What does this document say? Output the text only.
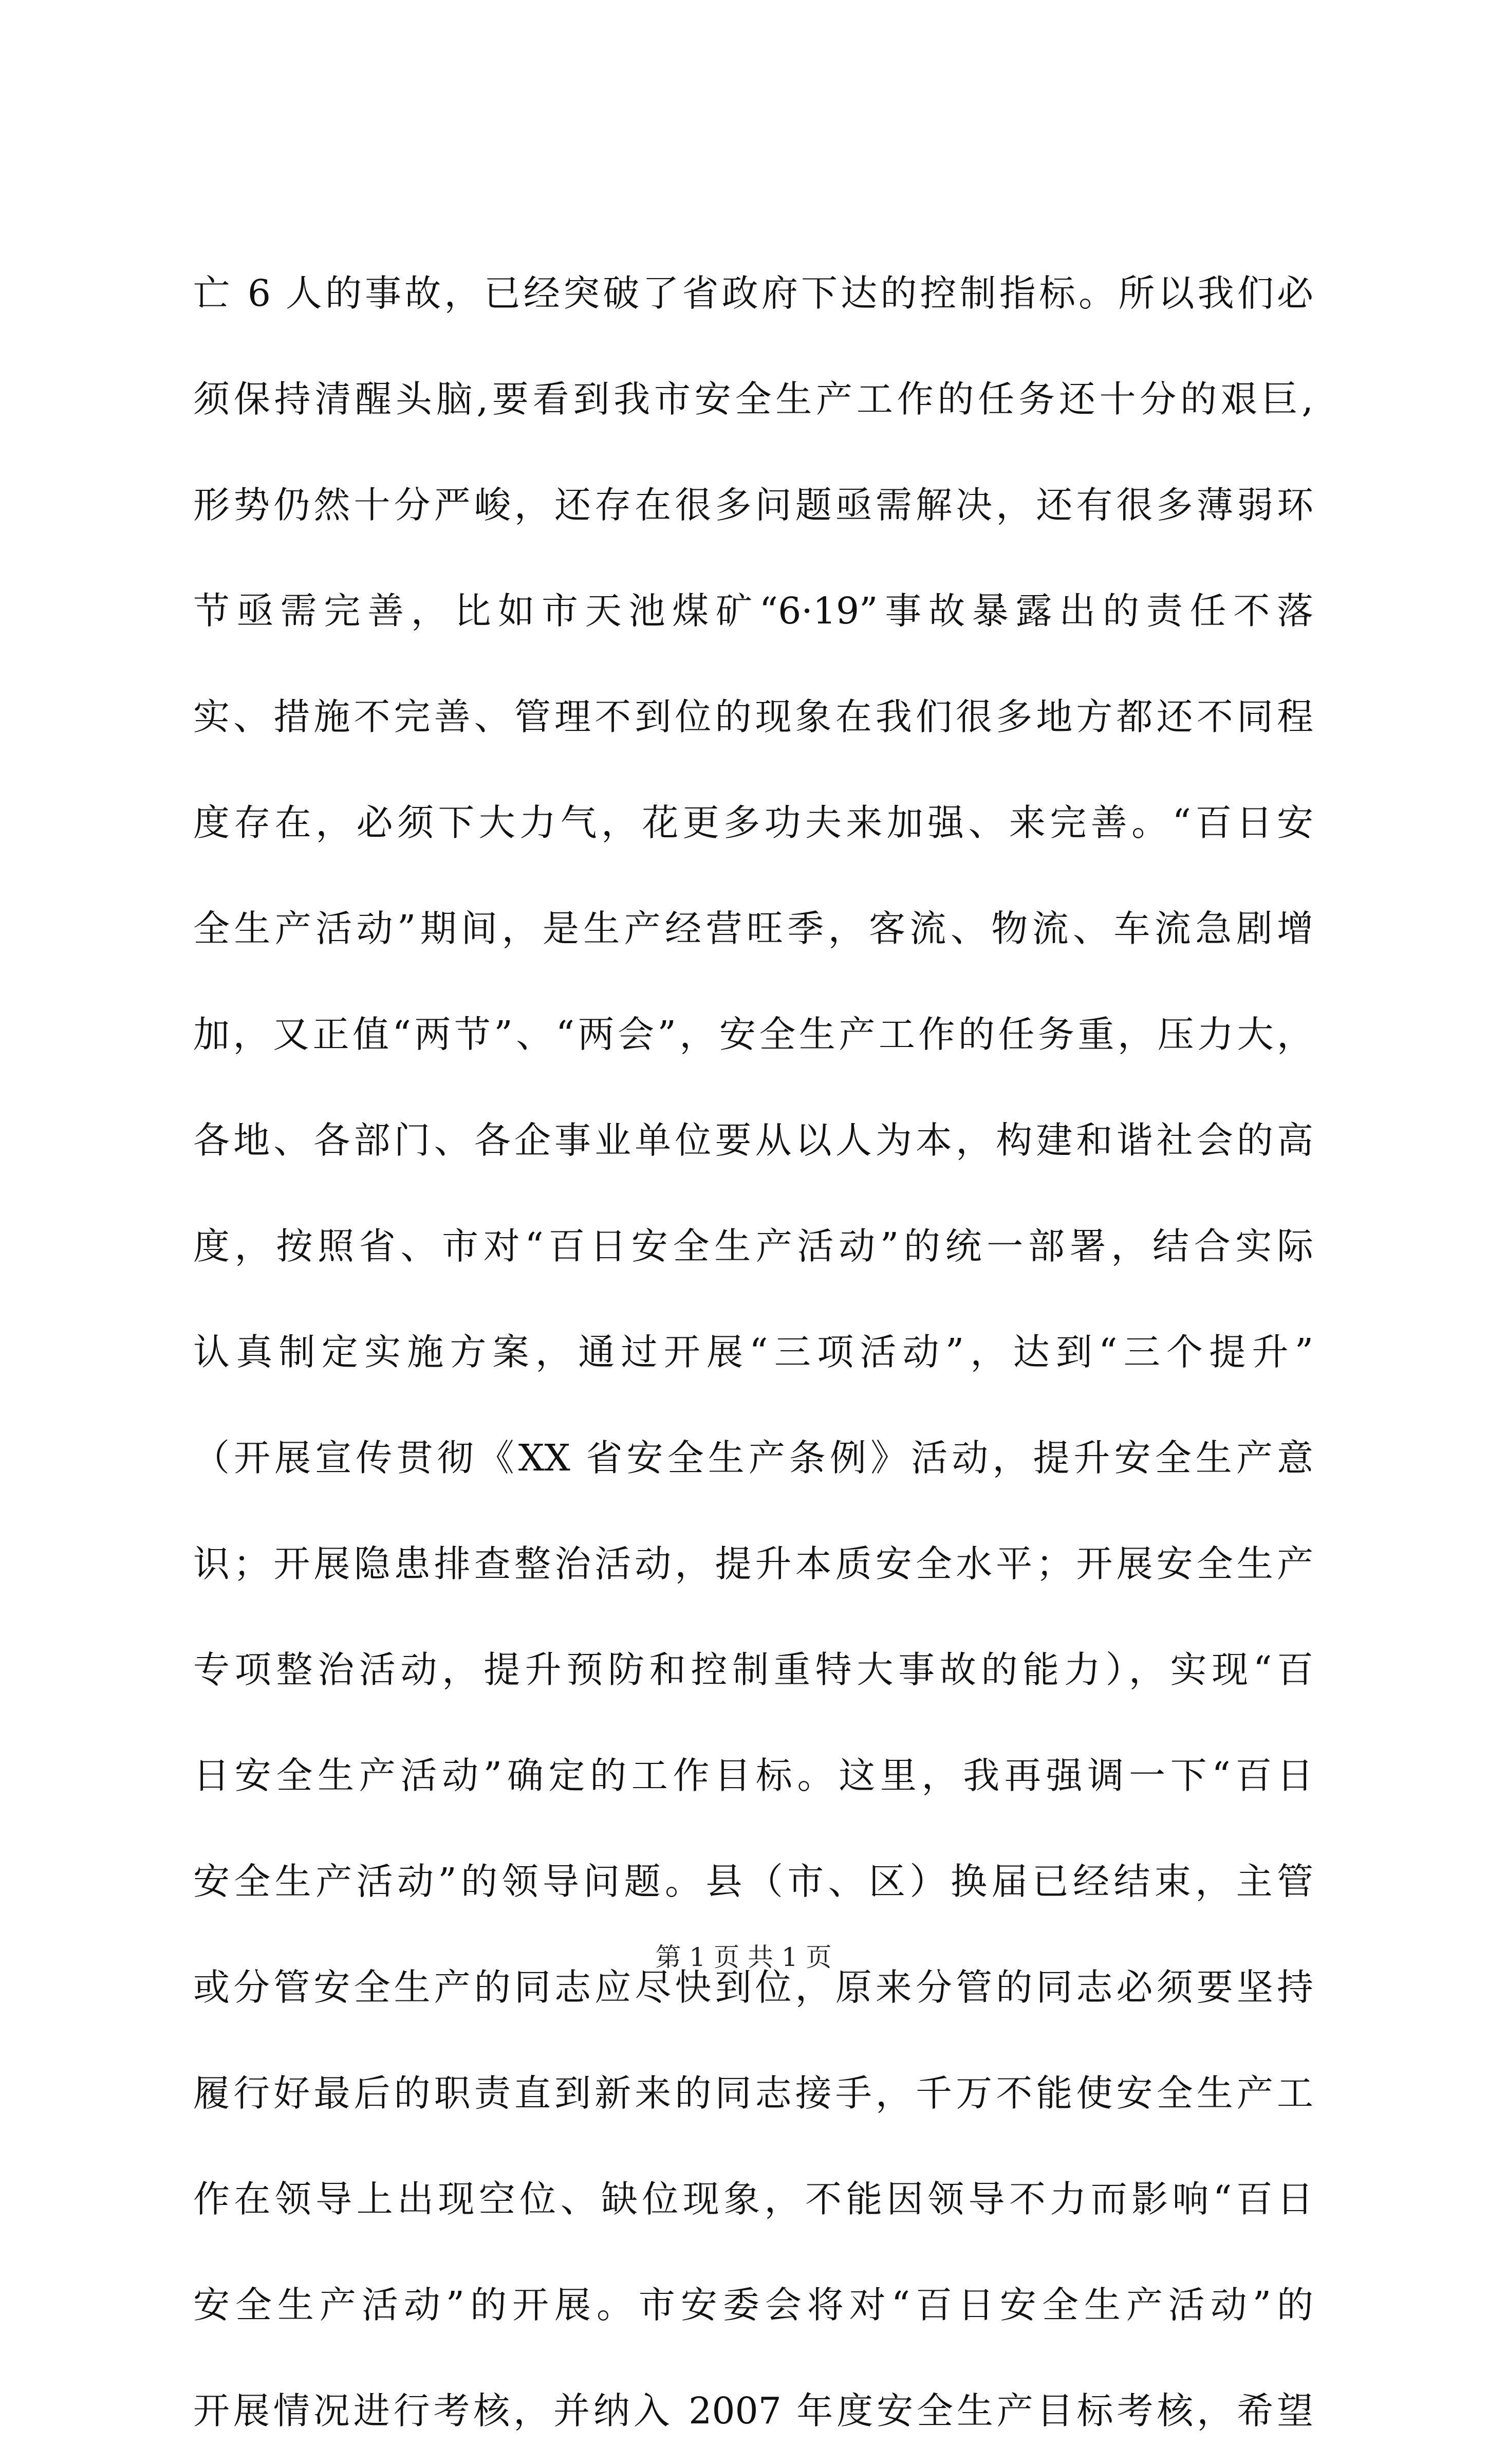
亡 6 人的事故，已经突破了省政府下达的控制指标。所以我们必
须保持清醒头脑,要看到我市安全生产工作的任务还十分的艰巨,
形势仍然十分严峻，还存在很多问题亟需解决，还有很多薄弱环
节亟需完善，比如市天池煤矿“6·19”事故暴露出的责任不落
实、措施不完善、管理不到位的现象在我们很多地方都还不同程
度存在，必须下大力气，花更多功夫来加强、来完善。“百日安
全生产活动”期间，是生产经营旺季，客流、物流、车流急剧增
加，又正值“两节”、“两会”，安全生产工作的任务重，压力大，
各地、各部门、各企事业单位要从以人为本，构建和谐社会的高
度，按照省、市对“百日安全生产活动”的统一部署，结合实际
认真制定实施方案，通过开展“三项活动”，达到“三个提升”
（开展宣传贯彻《XX 省安全生产条例》活动，提升安全生产意
识；开展隐患排查整治活动，提升本质安全水平；开展安全生产
专项整治活动，提升预防和控制重特大事故的能力），实现“百
日安全生产活动”确定的工作目标。这里，我再强调一下“百日
安全生产活动”的领导问题。县（市、区）换届已经结束，主管
或分管安全生产的同志应尽快到位，原来分管的同志必须要坚持
履行好最后的职责直到新来的同志接手，千万不能使安全生产工
作在领导上出现空位、缺位现象，不能因领导不力而影响“百日
安全生产活动”的开展。市安委会将对“百日安全生产活动”的
开展情况进行考核，并纳入 2007 年度安全生产目标考核，希望
第 1 页 共 1 页
